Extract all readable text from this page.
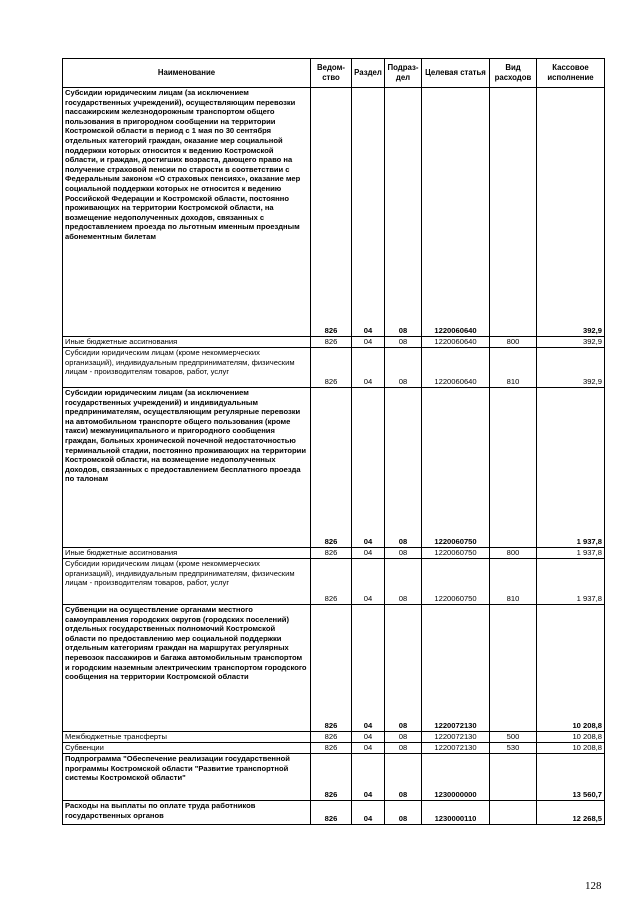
Наименование	Ведом-ство	Раздел	Подраз-дел	Целевая статья	Вид расходов	Кассовое исполнение
Субсидии юридическим лицам (за исключением государственных учреждений), осуществляющим перевозки пассажирским железнодорожным транспортом общего пользования в пригородном сообщении на территории Костромской области в период с 1 мая по 30 сентября отдельных категорий граждан, оказание мер социальной поддержки которых относится к ведению Костромской области, и граждан, достигших возраста, дающего право на получение страховой пенсии по старости в соответствии с Федеральным законом «О страховых пенсиях», оказание мер социальной поддержки которых не относится к ведению Российской Федерации и Костромской области, постоянно проживающих на территории Костромской области, на возмещение недополученных доходов, связанных с предоставлением проезда по льготным именным проездным абонементным билетам	826	04	08	1220060640		392,9
Иные бюджетные ассигнования	826	04	08	1220060640	800	392,9
Субсидии юридическим лицам (кроме некоммерческих организаций), индивидуальным предпринимателям, физическим лицам - производителям товаров, работ, услуг	826	04	08	1220060640	810	392,9
Субсидии юридическим лицам (за исключением государственных учреждений) и индивидуальным предпринимателям, осуществляющим регулярные перевозки на автомобильном транспорте общего пользования (кроме такси) межмуниципального и пригородного сообщения граждан, больных хронической почечной недостаточностью терминальной стадии, постоянно проживающих на территории Костромской области, на возмещение недополученных доходов, связанных с предоставлением бесплатного проезда по талонам	826	04	08	1220060750		1 937,8
Иные бюджетные ассигнования	826	04	08	1220060750	800	1 937,8
Субсидии юридическим лицам (кроме некоммерческих организаций), индивидуальным предпринимателям, физическим лицам - производителям товаров, работ, услуг	826	04	08	1220060750	810	1 937,8
Субвенции на осуществление органами местного самоуправления городских округов (городских поселений) отдельных государственных полномочий Костромской области по предоставлению мер социальной поддержки отдельным категориям граждан на маршрутах регулярных перевозок пассажиров и багажа автомобильным транспортом и городским наземным электрическим транспортом городского сообщения на территории Костромской области	826	04	08	1220072130		10 208,8
Межбюджетные трансферты	826	04	08	1220072130	500	10 208,8
Субвенции	826	04	08	1220072130	530	10 208,8
Подпрограмма "Обеспечение реализации государственной программы Костромской области "Развитие транспортной системы Костромской области"	826	04	08	1230000000		13 560,7
Расходы на выплаты по оплате труда работников государственных органов	826	04	08	1230000110		12 268,5
128
